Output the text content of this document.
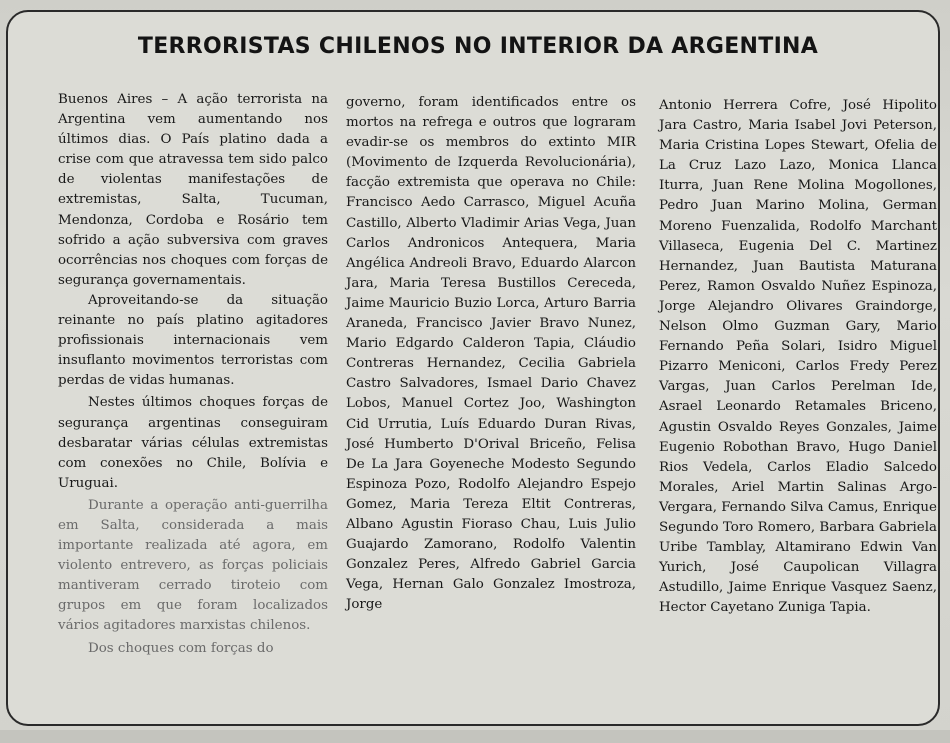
TERRORISTAS CHILENOS NO INTERIOR DA ARGENTINA

Buenos Aires – A ação terrorista na Argentina vem aumentando nos últimos dias. O País platino dada a crise com que atravessa tem sido palco de violentas manifestações de extremistas, Salta, Tucuman, Mendonza, Cordoba e Rosário tem sofrido a ação subversiva com graves ocorrências nos choques com forças de segurança governamentais.

Aproveitando-se da situação reinante no país platino agitadores profissionais internacionais vem insuflanto movimentos terroristas com perdas de vidas humanas.

Nestes últimos choques forças de segurança argentinas conseguiram desbaratar várias células extremistas com conexões no Chile, Bolívia e Uruguai.

Durante a operação anti-guerrilha em Salta, considerada a mais importante realizada até agora, em violento entrevero, as forças policiais mantiveram cerrado tiroteio com grupos em que foram localizados vários agitadores marxistas chilenos.

Dos choques com forças do

governo, foram identificados entre os mortos na refrega e outros que lograram evadir-se os membros do extinto MIR (Movimento de Izquerda Revolucionária), facção extremista que operava no Chile: Francisco Aedo Carrasco, Miguel Acuña Castillo, Alberto Vladimir Arias Vega, Juan Carlos Andronicos Antequera, Maria Angélica Andreoli Bravo, Eduardo Alarcon Jara, Maria Teresa Bustillos Cereceda, Jaime Mauricio Buzio Lorca, Arturo Barria Araneda, Francisco Javier Bravo Nunez, Mario Edgardo Calderon Tapia, Cláudio Contreras Hernandez, Cecilia Gabriela Castro Salvadores, Ismael Dario Chavez Lobos, Manuel Cortez Joo, Washington Cid Urrutia, Luís Eduardo Duran Rivas, José Humberto D'Orival Briceño, Felisa De La Jara Goyeneche Modesto Segundo Espinoza Pozo, Rodolfo Alejandro Espejo Gomez, Maria Tereza Eltit Contreras, Albano Agustin Fioraso Chau, Luis Julio Guajardo Zamorano, Rodolfo Valentin Gonzalez Peres, Alfredo Gabriel Garcia Vega, Hernan Galo Gonzalez Imostroza, Jorge

Antonio Herrera Cofre, José Hipolito Jara Castro, Maria Isabel Jovi Peterson, Maria Cristina Lopes Stewart, Ofelia de La Cruz Lazo Lazo, Monica Llanca Iturra, Juan Rene Molina Mogollones, Pedro Juan Marino Molina, German Moreno Fuenzalida, Rodolfo Marchant Villaseca, Eugenia Del C. Martinez Hernandez, Juan Bautista Maturana Perez, Ramon Osvaldo Nuñez Espinoza, Jorge Alejandro Olivares Graindorge, Nelson Olmo Guzman Gary, Mario Fernando Peña Solari, Isidro Miguel Pizarro Meniconi, Carlos Fredy Perez Vargas, Juan Carlos Perelman Ide, Asrael Leonardo Retamales Briceno, Agustin Osvaldo Reyes Gonzales, Jaime Eugenio Robothan Bravo, Hugo Daniel Rios Vedela, Carlos Eladio Salcedo Morales, Ariel Martin Salinas Argo-Vergara, Fernando Silva Camus, Enrique Segundo Toro Romero, Barbara Gabriela Uribe Tamblay, Altamirano Edwin Van Yurich, José Caupolican Villagra Astudillo, Jaime Enrique Vasquez Saenz, Hector Cayetano Zuniga Tapia.
